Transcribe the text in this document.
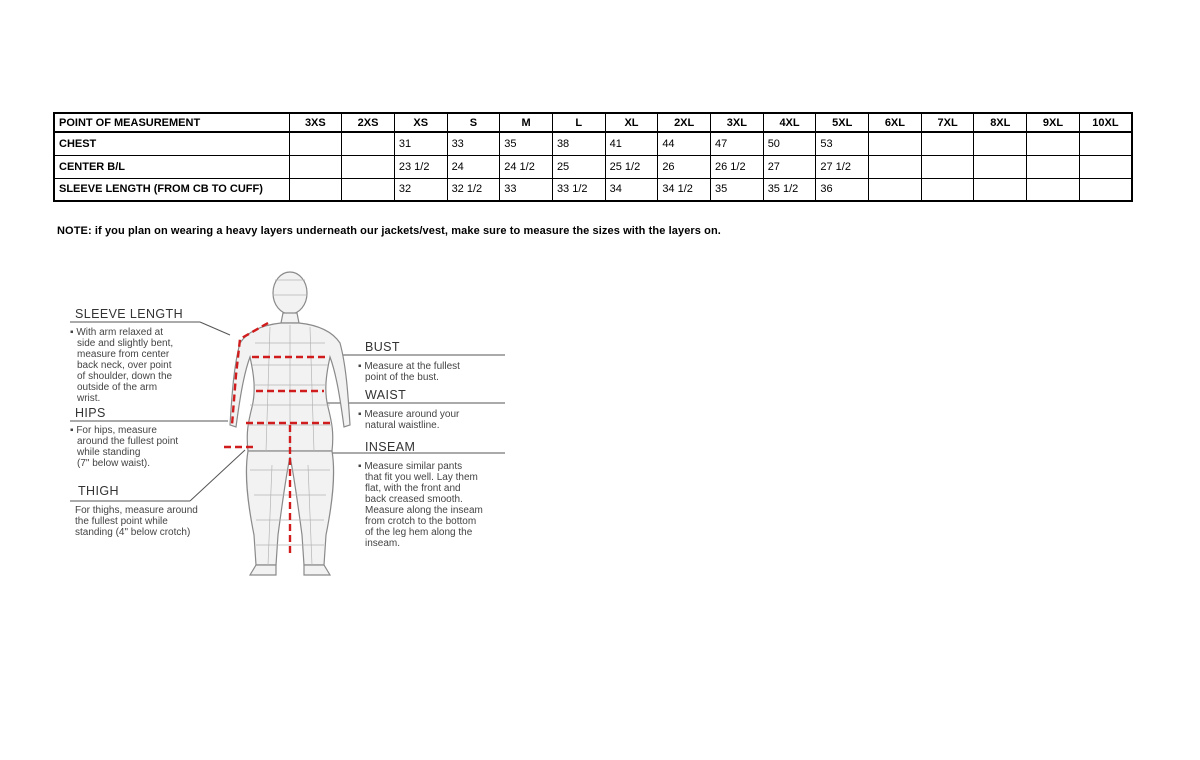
POINT OF MEASUREMENT	3XS	2XS	XS	S	M	L	XL	2XL	3XL	4XL	5XL	6XL	7XL	8XL	9XL	10XL
CHEST			31	33	35	38	41	44	47	50	53					
CENTER B/L			23 1/2	24	24 1/2	25	25 1/2	26	26 1/2	27	27 1/2					
SLEEVE LENGTH (FROM CB TO CUFF)			32	32 1/2	33	33 1/2	34	34 1/2	35	35 1/2	36					
NOTE: if you plan on wearing a heavy layers underneath our jackets/vest, make sure to measure the sizes with the layers on.
SLEEVE LENGTH
▪ With arm relaxed at side and slightly bent, measure from center back neck, over point of shoulder, down the outside of the arm wrist.
HIPS
▪ For hips, measure around the fullest point while standing (7" below waist).
THIGH
For thighs, measure around the fullest point while standing (4" below crotch)
BUST
▪ Measure at the fullest point of the bust.
WAIST
▪ Measure around your natural waistline.
INSEAM
▪ Measure similar pants that fit you well. Lay them flat, with the front and back creased smooth. Measure along the inseam from crotch to the bottom of the leg hem along the inseam.
